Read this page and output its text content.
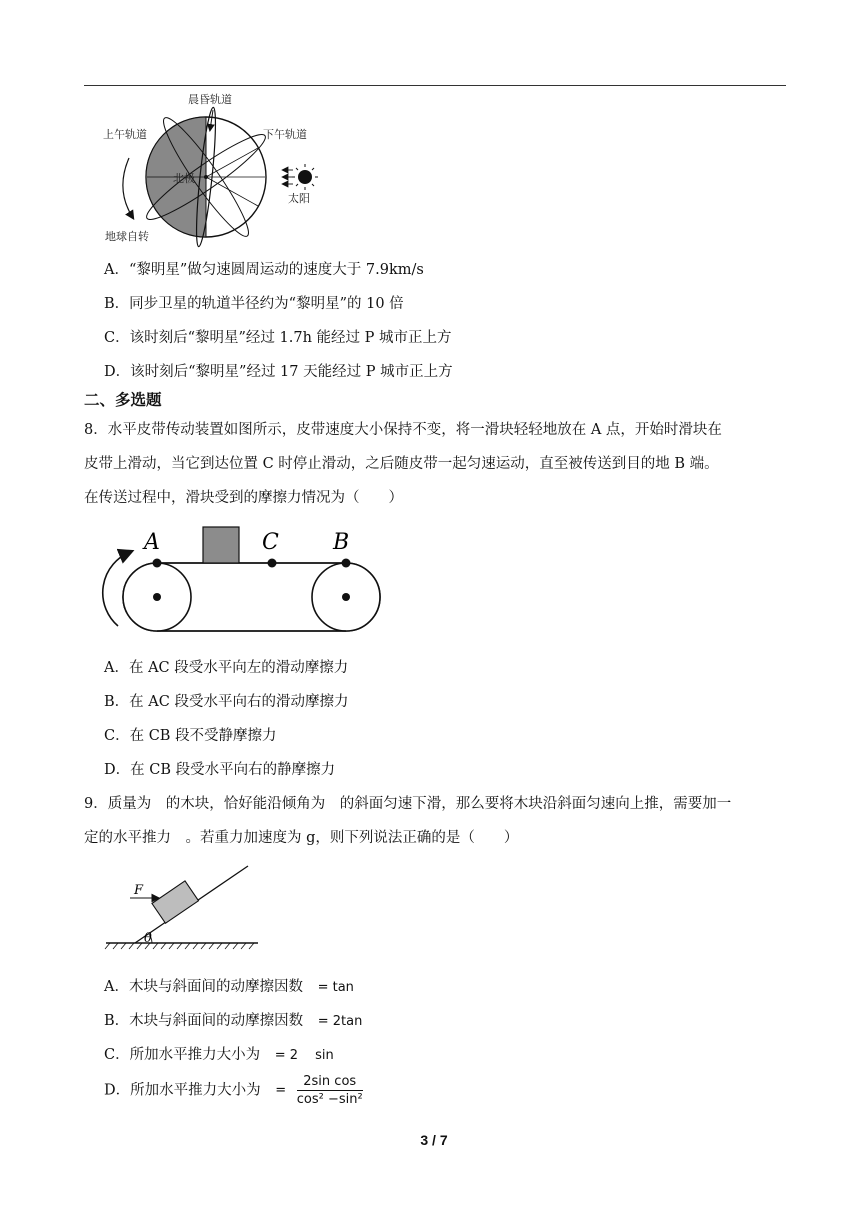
晨昏轨道
上午轨道	下午轨道
北极
太阳
地球自转
A．“黎明星”做匀速圆周运动的速度大于 7.9km/s
B．同步卫星的轨道半径约为“黎明星”的 10 倍
C．该时刻后“黎明星”经过 1.7h 能经过 P 城市正上方
D．该时刻后“黎明星”经过 17 天能经过 P 城市正上方
二、多选题
8．水平皮带传动装置如图所示，皮带速度大小保持不变，将一滑块轻轻地放在 A 点，开始时滑块在
皮带上滑动，当它到达位置 C 时停止滑动，之后随皮带一起匀速运动，直至被传送到目的地 B 端。
在传送过程中，滑块受到的摩擦力情况为（　　）
A	C B
A．在 AC 段受水平向左的滑动摩擦力
B．在 AC 段受水平向右的滑动摩擦力
C．在 CB 段不受静摩擦力
D．在 CB 段受水平向右的静摩擦力
9．质量为　的木块，恰好能沿倾角为　的斜面匀速下滑，那么要将木块沿斜面匀速向上推，需要加一
定的水平推力　。若重力加速度为 g，则下列说法正确的是（　　）
F
θ
A．木块与斜面间的动摩擦因数 = tan
B．木块与斜面间的动摩擦因数 = 2tan
C．所加水平推力大小为 = 2　 sin
D．所加水平推力大小为 = $\frac{\text{2sin cos}}{\text{cos² −sin²}}$
3 / 7
